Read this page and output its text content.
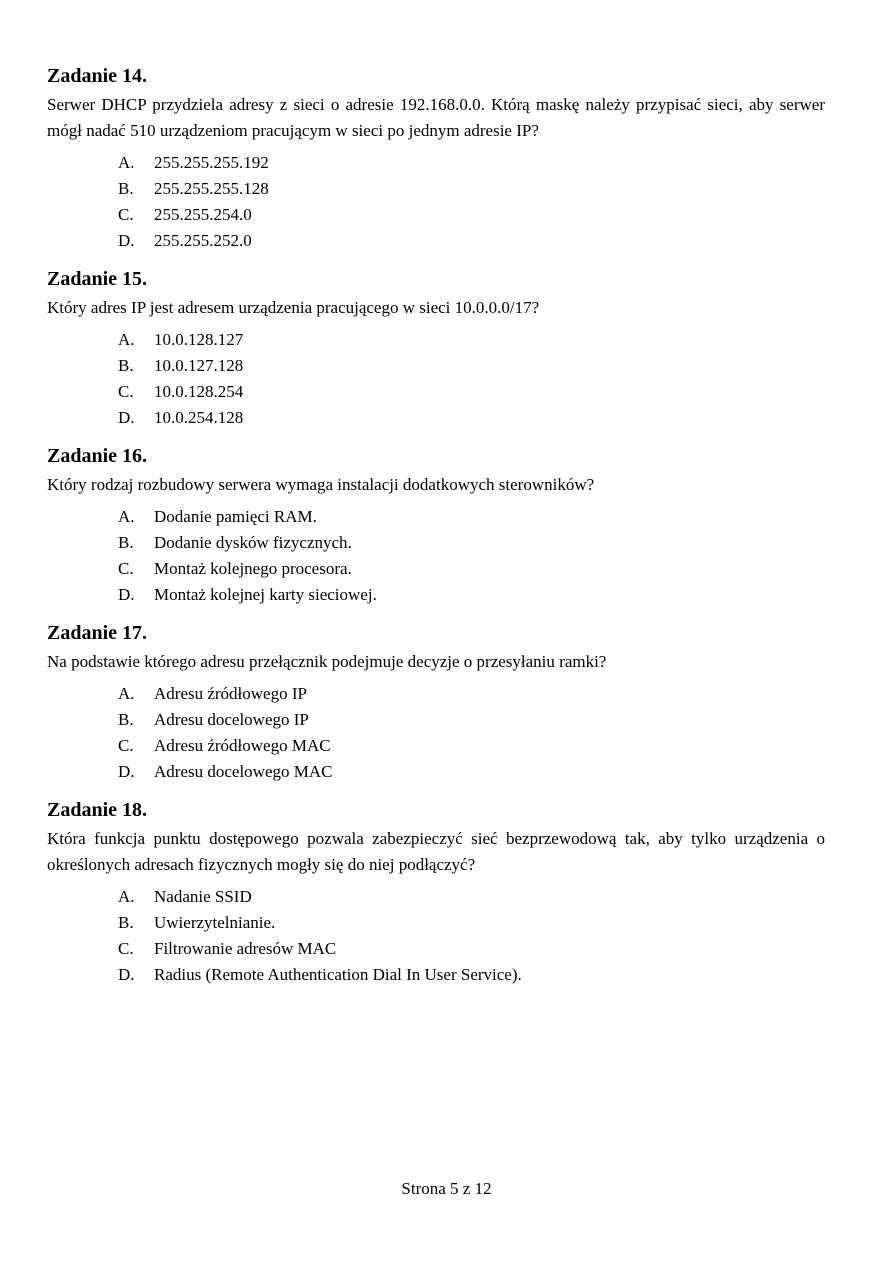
Zadanie 14.
Serwer DHCP przydziela adresy z sieci o adresie 192.168.0.0. Którą maskę należy przypisać sieci, aby serwer mógł nadać 510 urządzeniom pracującym w sieci po jednym adresie IP?
A.	255.255.255.192
B.	255.255.255.128
C.	255.255.254.0
D.	255.255.252.0
Zadanie 15.
Który adres IP jest adresem urządzenia pracującego w sieci 10.0.0.0/17?
A.	10.0.128.127
B.	10.0.127.128
C.	10.0.128.254
D.	10.0.254.128
Zadanie 16.
Który rodzaj rozbudowy serwera wymaga instalacji dodatkowych sterowników?
A.	Dodanie pamięci RAM.
B.	Dodanie dysków fizycznych.
C.	Montaż kolejnego procesora.
D.	Montaż kolejnej karty sieciowej.
Zadanie 17.
Na podstawie którego adresu przełącznik podejmuje decyzje o przesyłaniu ramki?
A.	Adresu źródłowego IP
B.	Adresu docelowego IP
C.	Adresu źródłowego MAC
D.	Adresu docelowego MAC
Zadanie 18.
Która funkcja punktu dostępowego pozwala zabezpieczyć sieć bezprzewodową tak, aby tylko urządzenia o określonych adresach fizycznych mogły się do niej podłączyć?
A.	Nadanie SSID
B.	Uwierzytelnianie.
C.	Filtrowanie adresów MAC
D.	Radius (Remote Authentication Dial In User Service).
Strona 5 z 12
